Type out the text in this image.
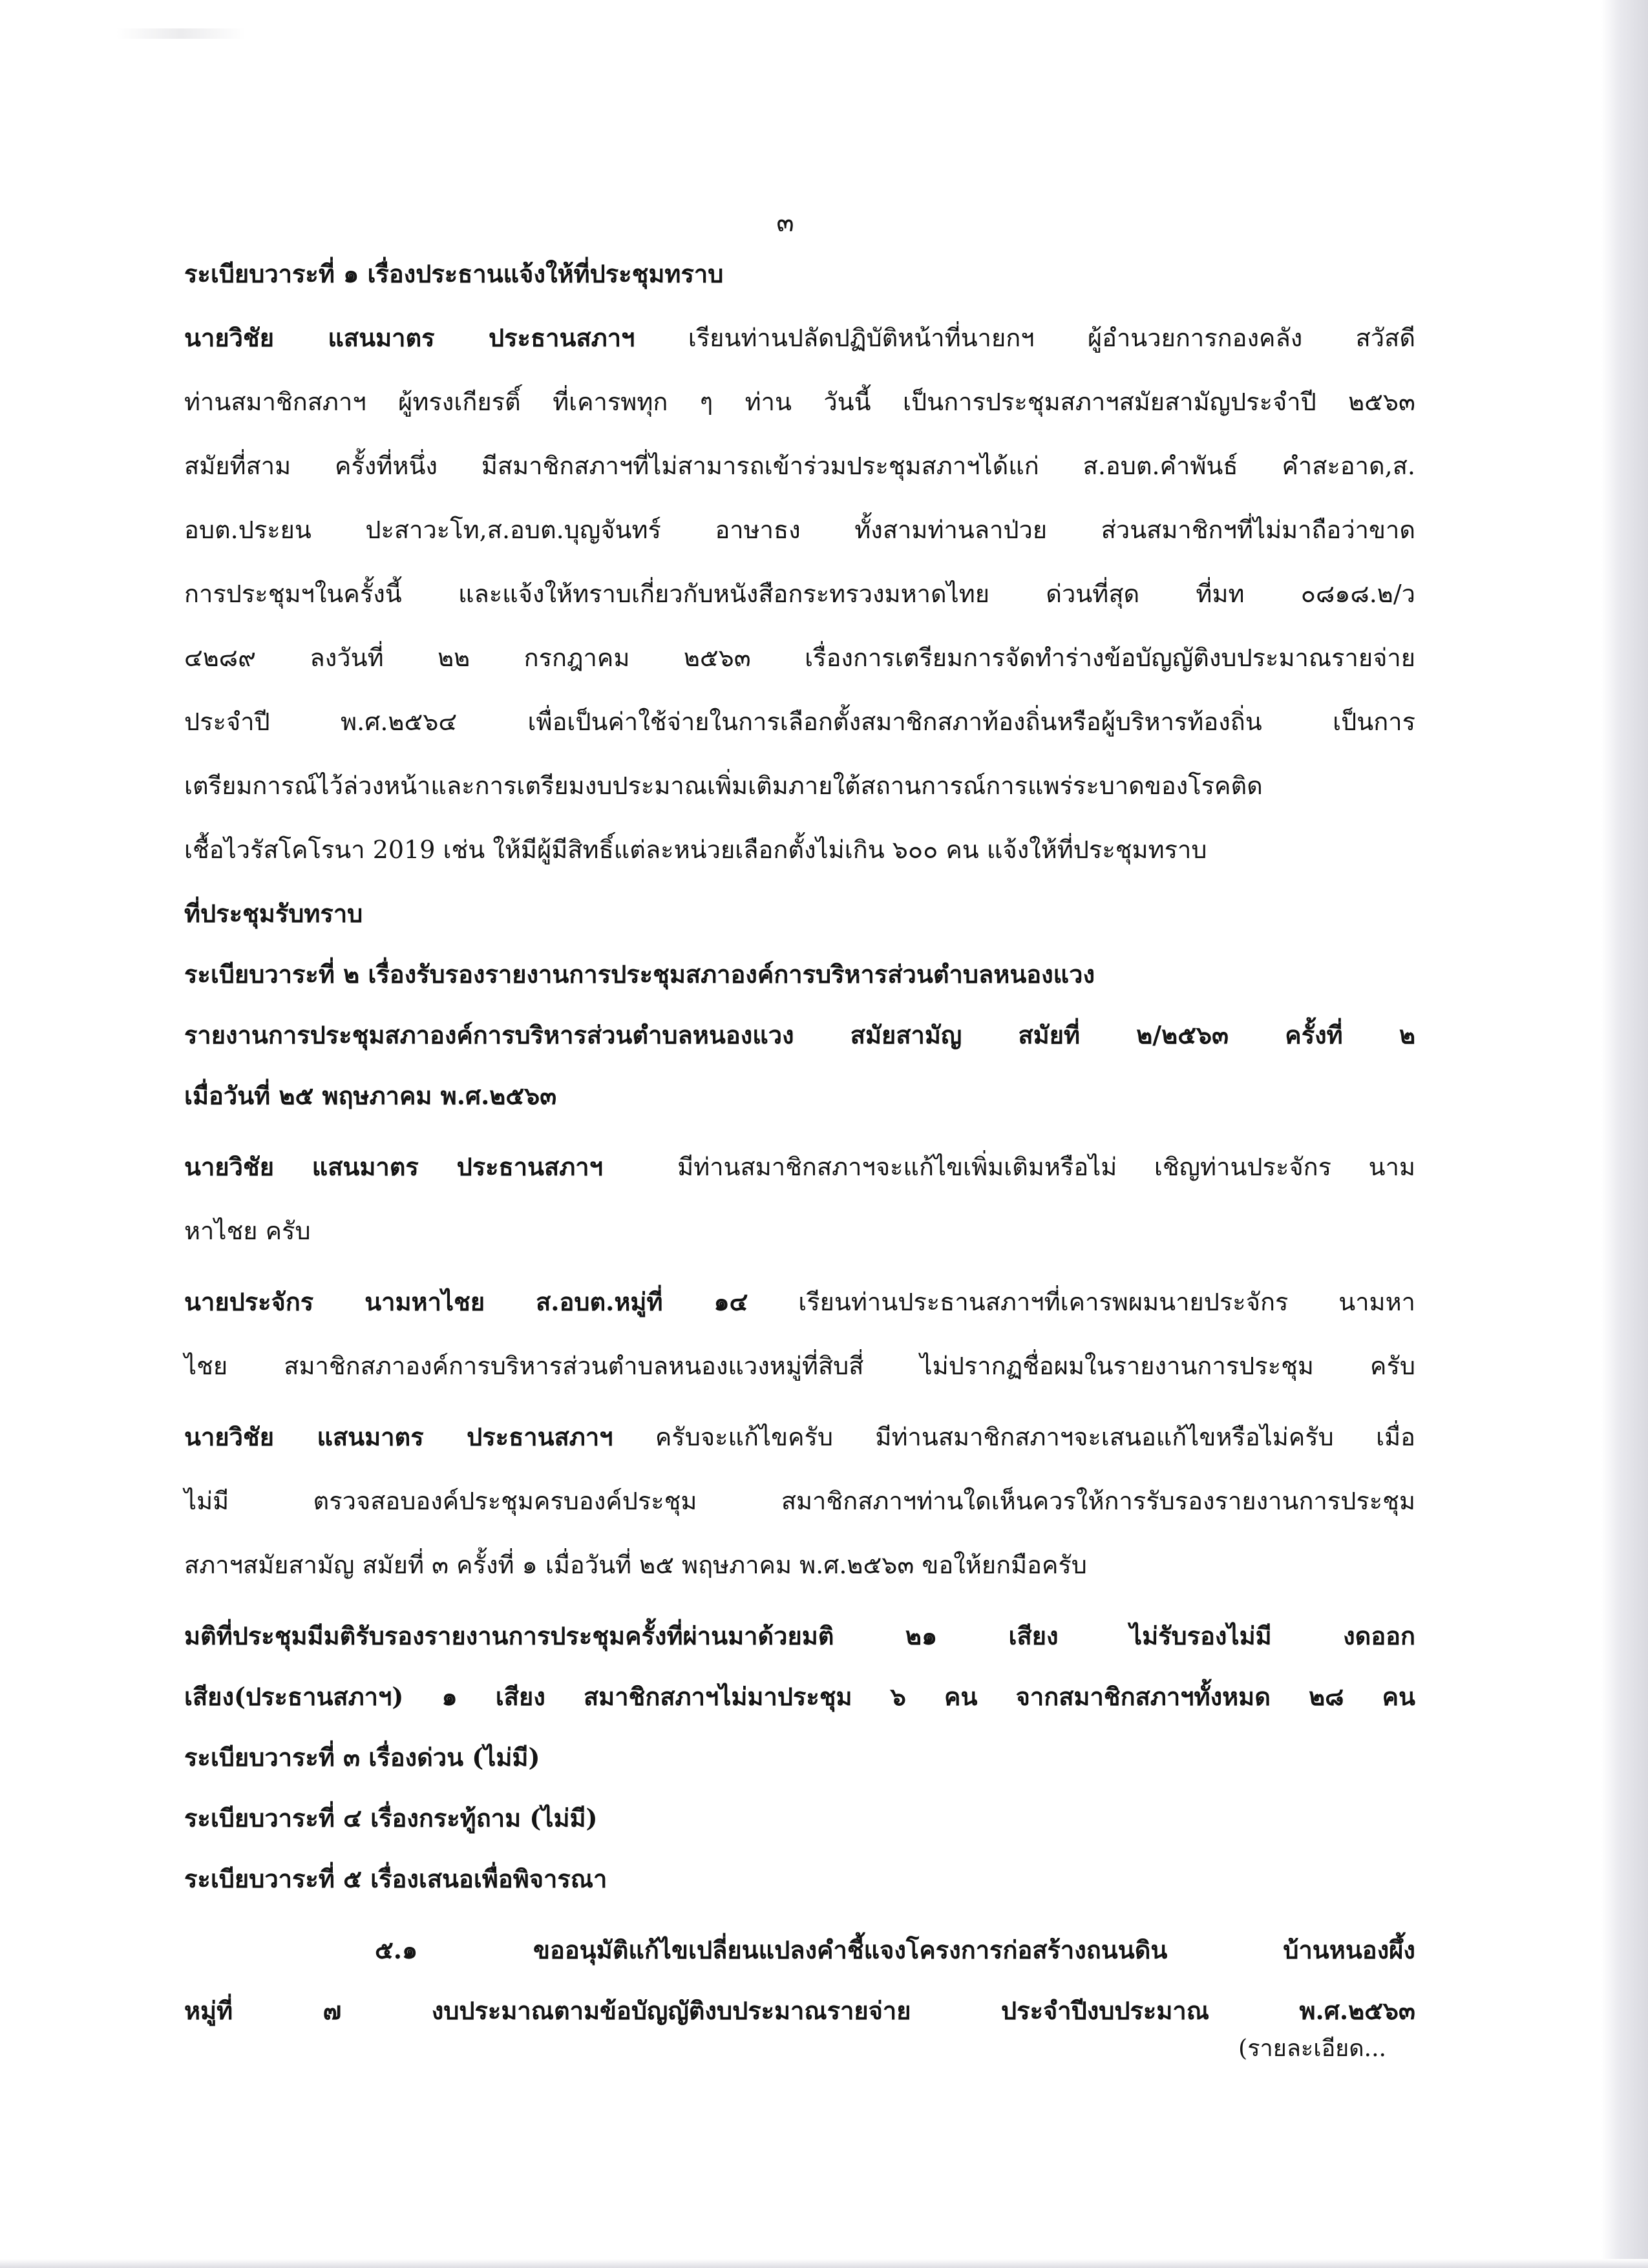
๓
ระเบียบวาระที่ ๑ เรื่องประธานแจ้งให้ที่ประชุมทราบ
นายวิชัย แสนมาตร ประธานสภาฯ เรียนท่านปลัดปฏิบัติหน้าที่นายกฯ ผู้อำนวยการกองคลัง สวัสดี
ท่านสมาชิกสภาฯ ผู้ทรงเกียรติ์ ที่เคารพทุก ๆ ท่าน วันนี้ เป็นการประชุมสภาฯสมัยสามัญประจำปี ๒๕๖๓
สมัยที่สาม ครั้งที่หนึ่ง มีสมาชิกสภาฯที่ไม่สามารถเข้าร่วมประชุมสภาฯได้แก่ ส.อบต.คำพันธ์ คำสะอาด,ส.
อบต.ประยน ปะสาวะโท,ส.อบต.บุญจันทร์ อาษาธง ทั้งสามท่านลาป่วย ส่วนสมาชิกฯที่ไม่มาถือว่าขาด
การประชุมฯในครั้งนี้ และแจ้งให้ทราบเกี่ยวกับหนังสือกระทรวงมหาดไทย ด่วนที่สุด ที่มท ๐๘๑๘.๒/ว
๔๒๘๙ ลงวันที่ ๒๒ กรกฎาคม ๒๕๖๓ เรื่องการเตรียมการจัดทำร่างข้อบัญญัติงบประมาณรายจ่าย
ประจำปี พ.ศ.๒๕๖๔ เพื่อเป็นค่าใช้จ่ายในการเลือกตั้งสมาชิกสภาท้องถิ่นหรือผู้บริหารท้องถิ่น เป็นการ
เตรียมการณ์ไว้ล่วงหน้าและการเตรียมงบประมาณเพิ่มเติมภายใต้สถานการณ์การแพร่ระบาดของโรคติด
เชื้อไวรัสโคโรนา 2019 เช่น ให้มีผู้มีสิทธิ์แต่ละหน่วยเลือกตั้งไม่เกิน ๖๐๐ คน แจ้งให้ที่ประชุมทราบ
ที่ประชุมรับทราบ
ระเบียบวาระที่ ๒ เรื่องรับรองรายงานการประชุมสภาองค์การบริหารส่วนตำบลหนองแวง
รายงานการประชุมสภาองค์การบริหารส่วนตำบลหนองแวง สมัยสามัญ สมัยที่ ๒/๒๕๖๓ ครั้งที่ ๒
เมื่อวันที่ ๒๕ พฤษภาคม พ.ศ.๒๕๖๓
นายวิชัย แสนมาตร ประธานสภาฯ	มีท่านสมาชิกสภาฯจะแก้ไขเพิ่มเติมหรือไม่ เชิญท่านประจักร นาม
หาไชย ครับ
นายประจักร นามหาไชย ส.อบต.หมู่ที่ ๑๔ เรียนท่านประธานสภาฯที่เคารพผมนายประจักร นามหา
ไชย สมาชิกสภาองค์การบริหารส่วนตำบลหนองแวงหมู่ที่สิบสี่ ไม่ปรากฏชื่อผมในรายงานการประชุม ครับ
นายวิชัย แสนมาตร ประธานสภาฯ ครับจะแก้ไขครับ มีท่านสมาชิกสภาฯจะเสนอแก้ไขหรือไม่ครับ เมื่อ
ไม่มี ตรวจสอบองค์ประชุมครบองค์ประชุม สมาชิกสภาฯท่านใดเห็นควรให้การรับรองรายงานการประชุม
สภาฯสมัยสามัญ สมัยที่ ๓ ครั้งที่ ๑ เมื่อวันที่ ๒๕ พฤษภาคม พ.ศ.๒๕๖๓ ขอให้ยกมือครับ
มติที่ประชุมมีมติรับรองรายงานการประชุมครั้งที่ผ่านมาด้วยมติ ๒๑ เสียง ไม่รับรองไม่มี งดออก
เสียง(ประธานสภาฯ) ๑ เสียง สมาชิกสภาฯไม่มาประชุม ๖ คน จากสมาชิกสภาฯทั้งหมด ๒๘ คน
ระเบียบวาระที่ ๓ เรื่องด่วน (ไม่มี)
ระเบียบวาระที่ ๔ เรื่องกระทู้ถาม (ไม่มี)
ระเบียบวาระที่ ๕ เรื่องเสนอเพื่อพิจารณา
๕.๑ ขออนุมัติแก้ไขเปลี่ยนแปลงคำชี้แจงโครงการก่อสร้างถนนดิน บ้านหนองผึ้ง
หมู่ที่ ๗ งบประมาณตามข้อบัญญัติงบประมาณรายจ่าย ประจำปีงบประมาณ พ.ศ.๒๕๖๓
(รายละเอียด...
